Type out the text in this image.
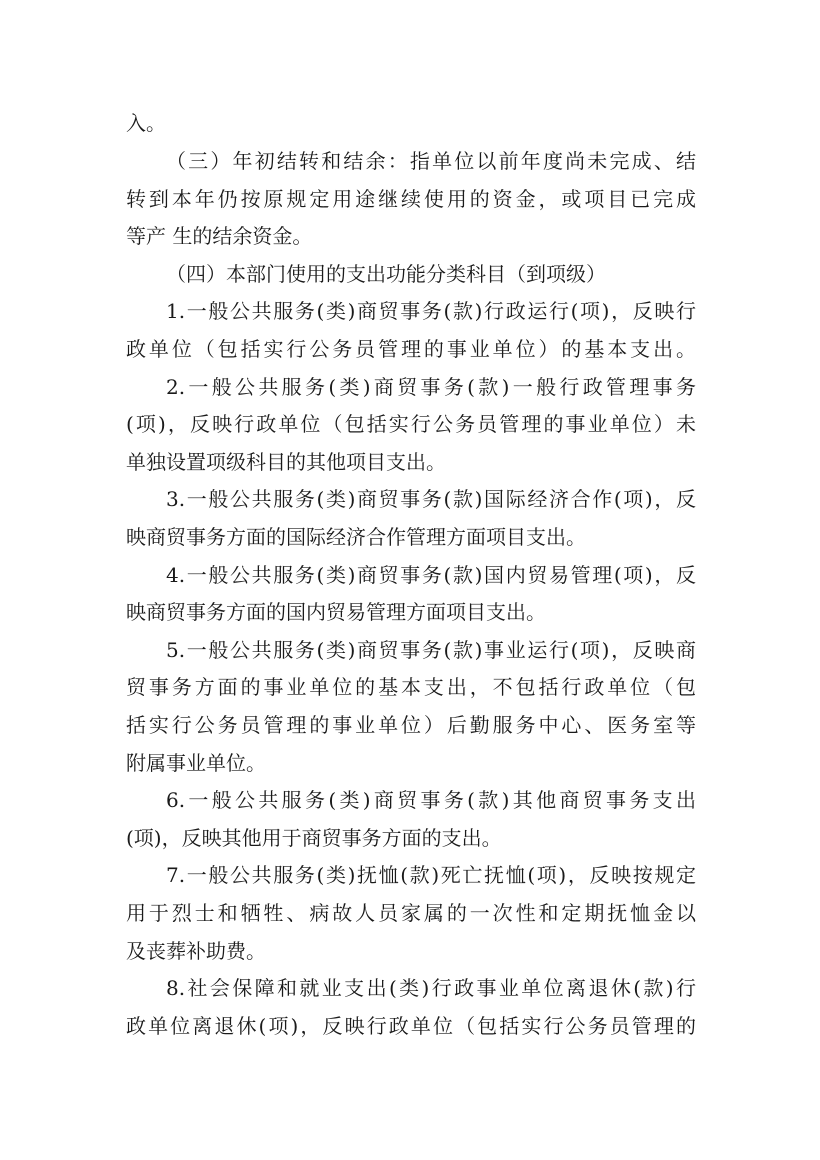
入。
（三）年初结转和结余：指单位以前年度尚未完成、结
转到本年仍按原规定用途继续使用的资金，或项目已完成
等产 生的结余资金。
（四）本部门使用的支出功能分类科目（到项级）
1.一般公共服务(类)商贸事务(款)行政运行(项)，反映行
政单位（包括实行公务员管理的事业单位）的基本支出。
2.一般公共服务(类)商贸事务(款)一般行政管理事务
(项)，反映行政单位（包括实行公务员管理的事业单位）未
单独设置项级科目的其他项目支出。
3.一般公共服务(类)商贸事务(款)国际经济合作(项)，反
映商贸事务方面的国际经济合作管理方面项目支出。
4.一般公共服务(类)商贸事务(款)国内贸易管理(项)，反
映商贸事务方面的国内贸易管理方面项目支出。
5.一般公共服务(类)商贸事务(款)事业运行(项)，反映商
贸事务方面的事业单位的基本支出，不包括行政单位（包
括实行公务员管理的事业单位）后勤服务中心、医务室等
附属事业单位。
6.一般公共服务(类)商贸事务(款)其他商贸事务支出
(项)，反映其他用于商贸事务方面的支出。
7.一般公共服务(类)抚恤(款)死亡抚恤(项)，反映按规定
用于烈士和牺牲、病故人员家属的一次性和定期抚恤金以
及丧葬补助费。
8.社会保障和就业支出(类)行政事业单位离退休(款)行
政单位离退休(项)，反映行政单位（包括实行公务员管理的
